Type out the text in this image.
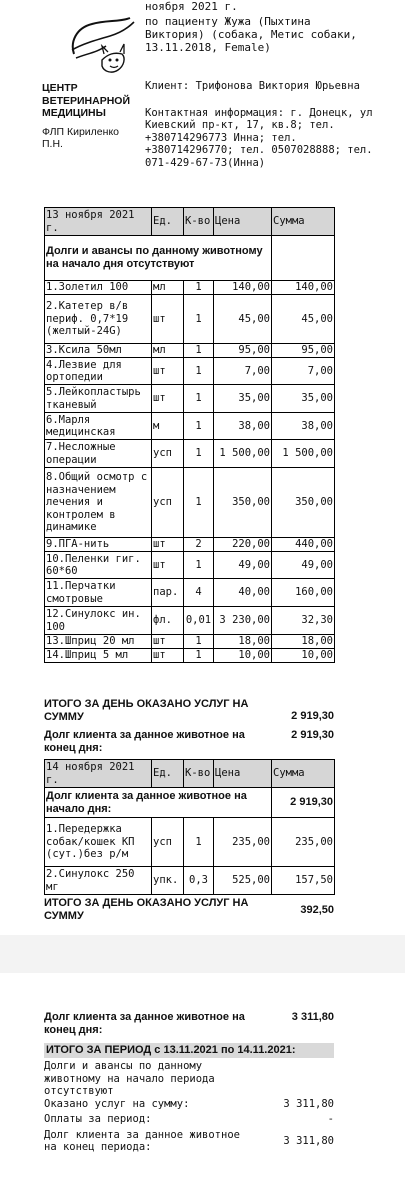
ноября 2021 г.
по пациенту Жужа (Пыхтина Виктория) (собака, Метис собаки, 13.11.2018, Female)
Клиент: Трифонова Виктория Юрьевна
Контактная информация: г. Донецк, ул Киевский пр-кт, 17, кв.8; тел. +380714296773 Инна; тел. +380714296770; тел. 0507028888; тел. 071-429-67-73(Инна)
ЦЕНТР ВЕТЕРИНАРНОЙ МЕДИЦИНЫ
ФЛП Кириленко П.Н.
13 ноября 2021 г.	Ед.	К-во	Цена	Сумма
Долги и авансы по данному животному на начало дня отсутствуют				
1.Золетил 100	мл	1	140,00	140,00
2.Катетер в/в периф. 0,7*19 (желтый-24G)	шт	1	45,00	45,00
3.Ксила 50мл	мл	1	95,00	95,00
4.Лезвие для ортопедии	шт	1	7,00	7,00
5.Лейкопластырь тканевый	шт	1	35,00	35,00
6.Марля медицинская	м	1	38,00	38,00
7.Несложные операции	усп	1	1 500,00	1 500,00
8.Общий осмотр с назначением лечения и контролем в динамике	усп	1	350,00	350,00
9.ПГА-нить	шт	2	220,00	440,00
10.Пеленки гиг. 60*60	шт	1	49,00	49,00
11.Перчатки смотровые	пар.	4	40,00	160,00
12.Синулокс ин. 100	фл.	0,01	3 230,00	32,30
13.Шприц 20 мл	шт	1	18,00	18,00
14.Шприц 5 мл	шт	1	10,00	10,00
ИТОГО ЗА ДЕНЬ ОКАЗАНО УСЛУГ НА СУММУ	2 919,30
Долг клиента за данное животное на конец дня:
2 919,30
14 ноября 2021 г.	Ед.	К-во	Цена	Сумма
Долг клиента за данное животное на начало дня:				2 919,30
1.Передержка собак/кошек КП (сут.)без р/м	усп	1	235,00	235,00
2.Синулокс 250 мг	упк.	0,3	525,00	157,50
ИТОГО ЗА ДЕНЬ ОКАЗАНО УСЛУГ НА СУММУ	392,50
Долг клиента за данное животное на конец дня:
3 311,80
ИТОГО ЗА ПЕРИОД с 13.11.2021 по 14.11.2021:
Долги и авансы по данному животному на начало периода отсутствуют
Оказано услуг на сумму:	3 311,80
Оплаты за период:	-
Долг клиента за данное животное на конец периода:
3 311,80
